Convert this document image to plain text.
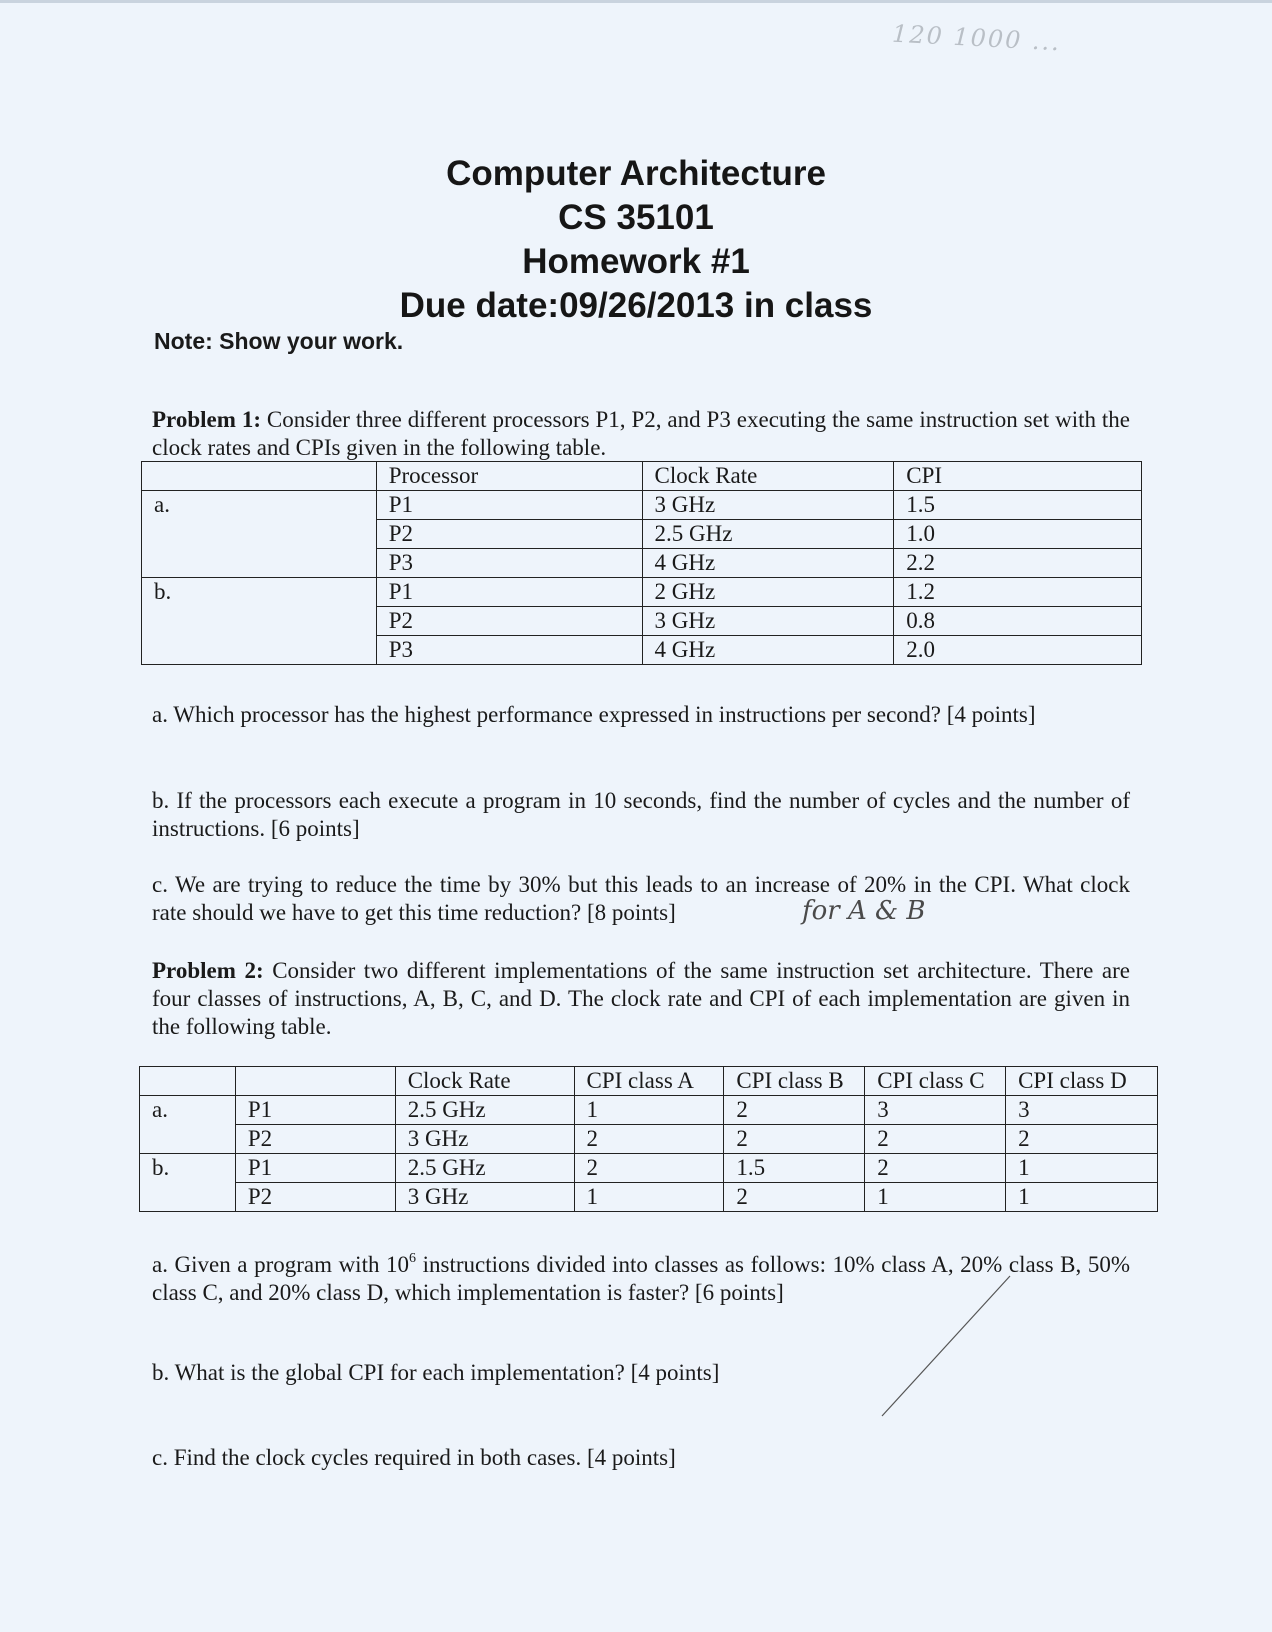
120 1000 ...
Computer Architecture
CS 35101
Homework #1
Due date:09/26/2013 in class
Note: Show your work.
Problem 1: Consider three different processors P1, P2, and P3 executing the same instruction set with the clock rates and CPIs given in the following table.
	Processor	Clock Rate	CPI
a.	P1	3 GHz	1.5
	P2	2.5 GHz	1.0
	P3	4 GHz	2.2
b.	P1	2 GHz	1.2
	P2	3 GHz	0.8
	P3	4 GHz	2.0
a. Which processor has the highest performance expressed in instructions per second? [4 points]
b. If the processors each execute a program in 10 seconds, find the number of cycles and the number of instructions. [6 points]
c. We are trying to reduce the time by 30% but this leads to an increase of 20% in the CPI. What clock rate should we have to get this time reduction? [8 points]	for A & B
Problem 2: Consider two different implementations of the same instruction set architecture. There are four classes of instructions, A, B, C, and D. The clock rate and CPI of each implementation are given in the following table.
		Clock Rate	CPI class A	CPI class B	CPI class C	CPI class D
a.	P1	2.5 GHz	1	2	3	3
	P2	3 GHz	2	2	2	2
b.	P1	2.5 GHz	2	1.5	2	1
	P2	3 GHz	1	2	1	1
a. Given a program with $10^6$ instructions divided into classes as follows: 10% class A, 20% class B, 50% class C, and 20% class D, which implementation is faster? [6 points]
b. What is the global CPI for each implementation? [4 points]
c. Find the clock cycles required in both cases. [4 points]
